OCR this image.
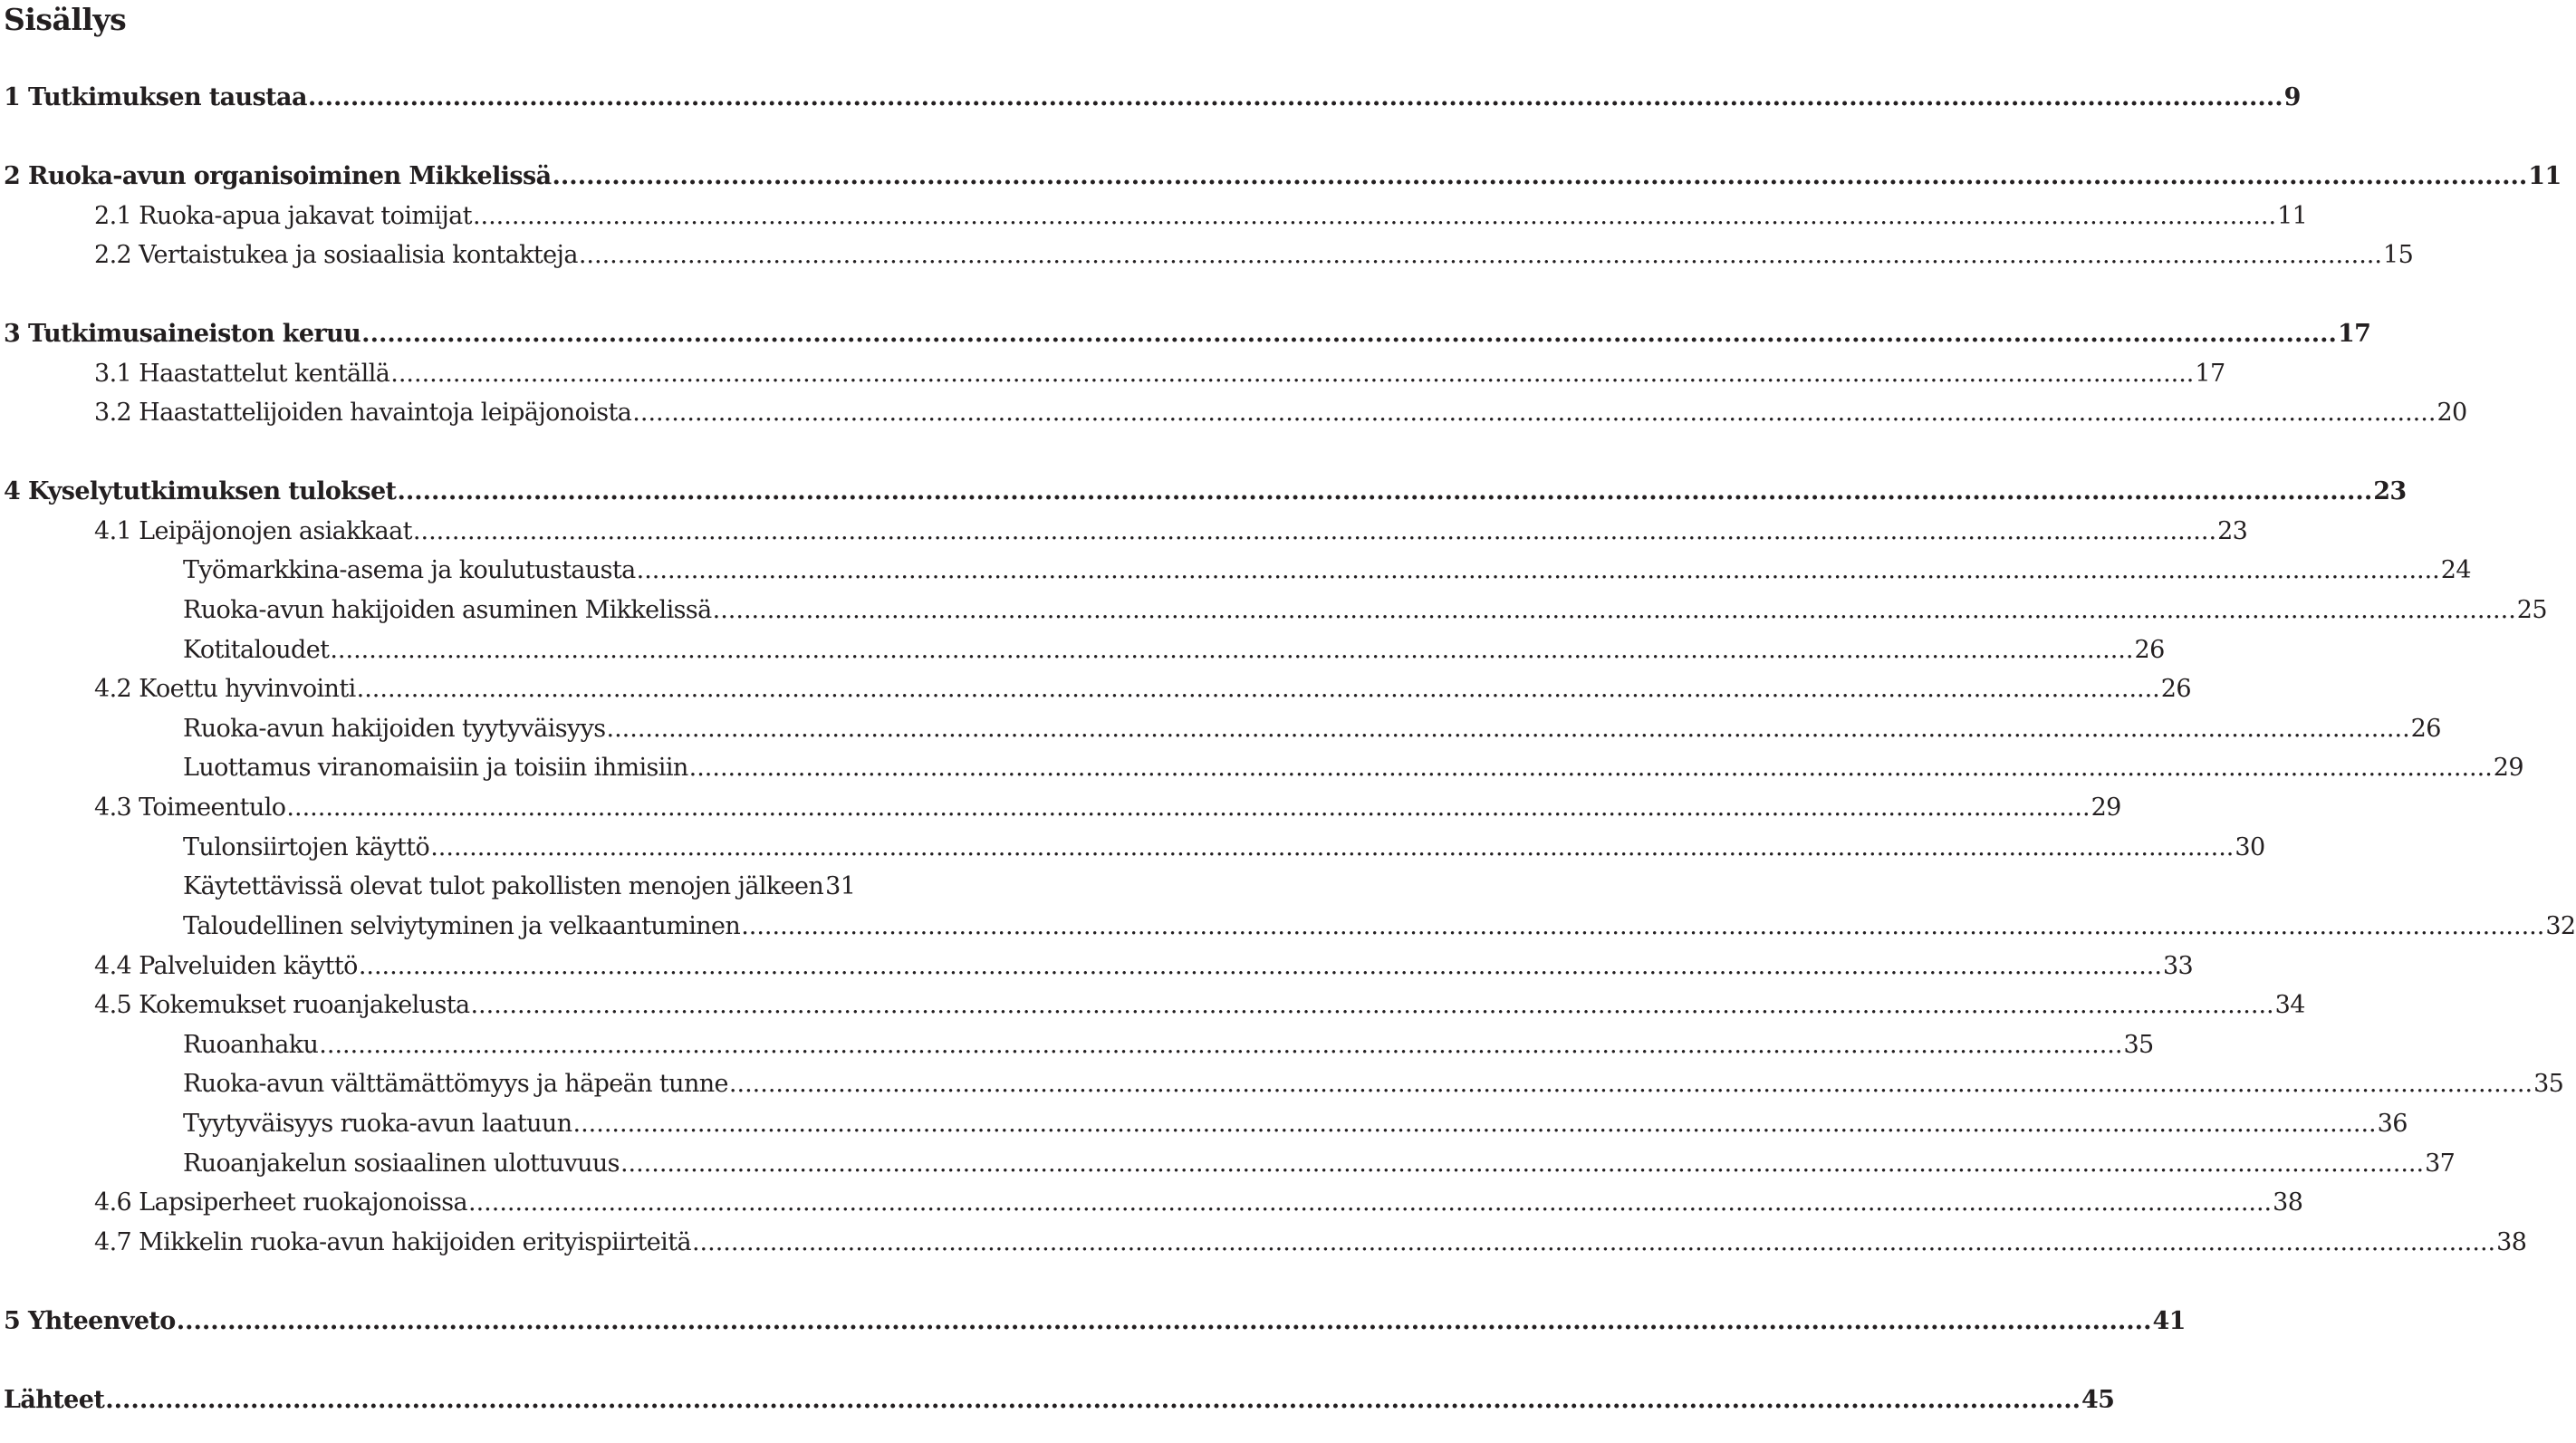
Sisällys
1 Tutkimuksen taustaa .....	9
2 Ruoka-avun organisoiminen Mikkelissä .....	11
2.1 Ruoka-apua jakavat toimijat .....	11
2.2 Vertaistukea ja sosiaalisia kontakteja .....	15
3 Tutkimusaineiston keruu .....	17
3.1 Haastattelut kentällä .....	17
3.2 Haastattelijoiden havaintoja leipäjonoista .....	20
4 Kyselytutkimuksen tulokset .....	23
4.1 Leipäjonojen asiakkaat .....	23
Työmarkkina-asema ja koulutustausta .....	24
Ruoka-avun hakijoiden asuminen Mikkelissä .....	25
Kotitaloudet .....	26
4.2 Koettu hyvinvointi .....	26
Ruoka-avun hakijoiden tyytyväisyys .....	26
Luottamus viranomaisiin ja toisiin ihmisiin .....	29
4.3 Toimeentulo .....	29
Tulonsiirtojen käyttö .....	30
Käytettävissä olevat tulot pakollisten menojen jälkeen 31
Taloudellinen selviytyminen ja velkaantuminen .....	32
4.4 Palveluiden käyttö .....	33
4.5 Kokemukset ruoanjakelusta .....	34
Ruoanhaku .....	35
Ruoka-avun välttämättömyys ja häpeän tunne .....	35
Tyytyväisyys ruoka-avun laatuun .....	36
Ruoanjakelun sosiaalinen ulottuvuus .....	37
4.6 Lapsiperheet ruokajonoissa .....	38
4.7 Mikkelin ruoka-avun hakijoiden erityispiirteitä .....	38
5 Yhteenveto .....	41
Lähteet .....	45
